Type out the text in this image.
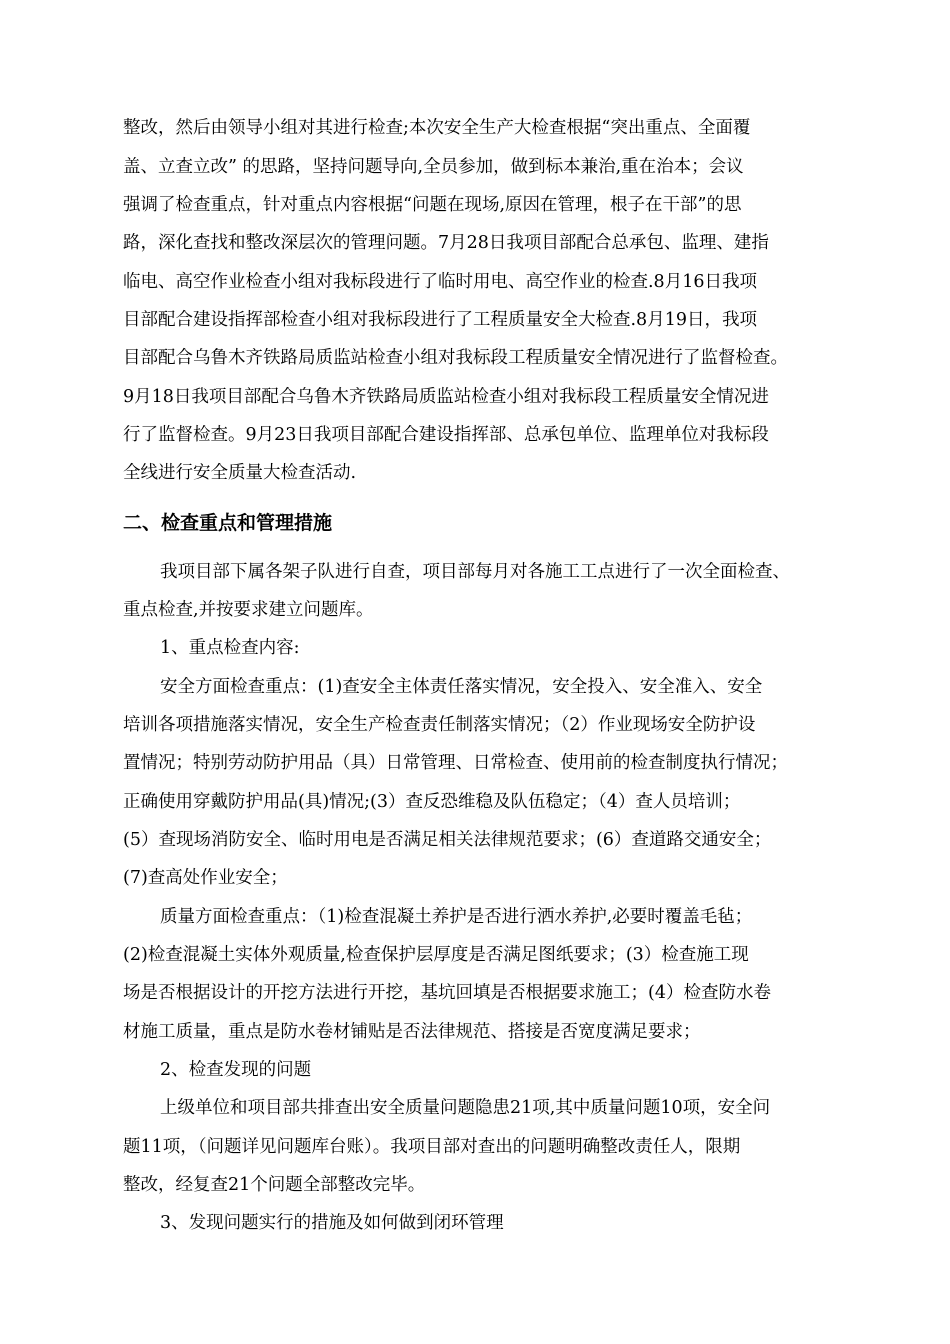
整改，然后由领导小组对其进行检查;本次安全生产大检查根据“突出重点、全面覆
盖、立查立改” 的思路，坚持问题导向,全员参加，做到标本兼治,重在治本；会议
强调了检查重点，针对重点内容根据“问题在现场,原因在管理，根子在干部”的思
路，深化查找和整改深层次的管理问题。7月28日我项目部配合总承包、监理、建指
临电、高空作业检查小组对我标段进行了临时用电、高空作业的检查.8月16日我项
目部配合建设指挥部检查小组对我标段进行了工程质量安全大检查.8月19日，我项
目部配合乌鲁木齐铁路局质监站检查小组对我标段工程质量安全情况进行了监督检查。
9月18日我项目部配合乌鲁木齐铁路局质监站检查小组对我标段工程质量安全情况进
行了监督检查。9月23日我项目部配合建设指挥部、总承包单位、监理单位对我标段
全线进行安全质量大检查活动.
二、检查重点和管理措施
我项目部下属各架子队进行自查，项目部每月对各施工工点进行了一次全面检查、
重点检查,并按要求建立问题库。
1、重点检查内容:
安全方面检查重点：(1)查安全主体责任落实情况，安全投入、安全准入、安全
培训各项措施落实情况，安全生产检查责任制落实情况；（2）作业现场安全防护设
置情况；特别劳动防护用品（具）日常管理、日常检查、使用前的检查制度执行情况；
正确使用穿戴防护用品(具)情况;(3）查反恐维稳及队伍稳定；（4）查人员培训；
(5）查现场消防安全、临时用电是否满足相关法律规范要求；(6）查道路交通安全；
(7)查高处作业安全；
质量方面检查重点：（1)检查混凝土养护是否进行洒水养护,必要时覆盖毛毡；
(2)检查混凝土实体外观质量,检查保护层厚度是否满足图纸要求；(3）检查施工现
场是否根据设计的开挖方法进行开挖，基坑回填是否根据要求施工；(4）检查防水卷
材施工质量，重点是防水卷材铺贴是否法律规范、搭接是否宽度满足要求；
2、检查发现的问题
上级单位和项目部共排查出安全质量问题隐患21项,其中质量问题10项，安全问
题11项，（问题详见问题库台账）。我项目部对查出的问题明确整改责任人，限期
整改，经复查21个问题全部整改完毕。
3、发现问题实行的措施及如何做到闭环管理
